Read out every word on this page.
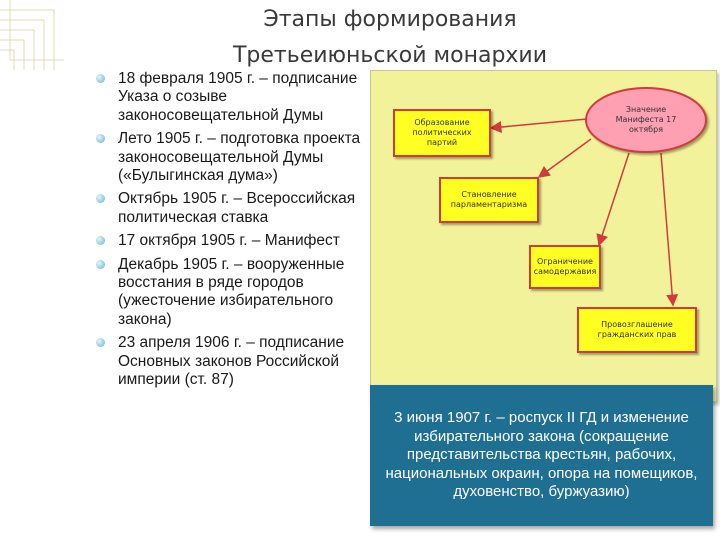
Этапы формирования
Третьеиюньской монархии
18 февраля 1905 г. – подписание Указа о созыве законосовещательной Думы
Лето 1905 г. – подготовка проекта законосовещательной Думы («Булыгинская дума»)
Октябрь 1905 г. – Всероссийская политическая ставка
17 октября 1905 г. – Манифест
Декабрь 1905 г. – вооруженные восстания в ряде городов (ужесточение избирательного закона)
23 апреля 1906 г. – подписание Основных законов Российской империи (ст. 87)
Образование политических партий
Становление парламентаризма
Ограничение самодержавия
Провозглашение гражданских прав
Значение Манифеста 17 октября
3 июня 1907 г. – роспуск II ГД и изменение избирательного закона (сокращение представительства крестьян, рабочих, национальных окраин, опора на помещиков, духовенство, буржуазию)
